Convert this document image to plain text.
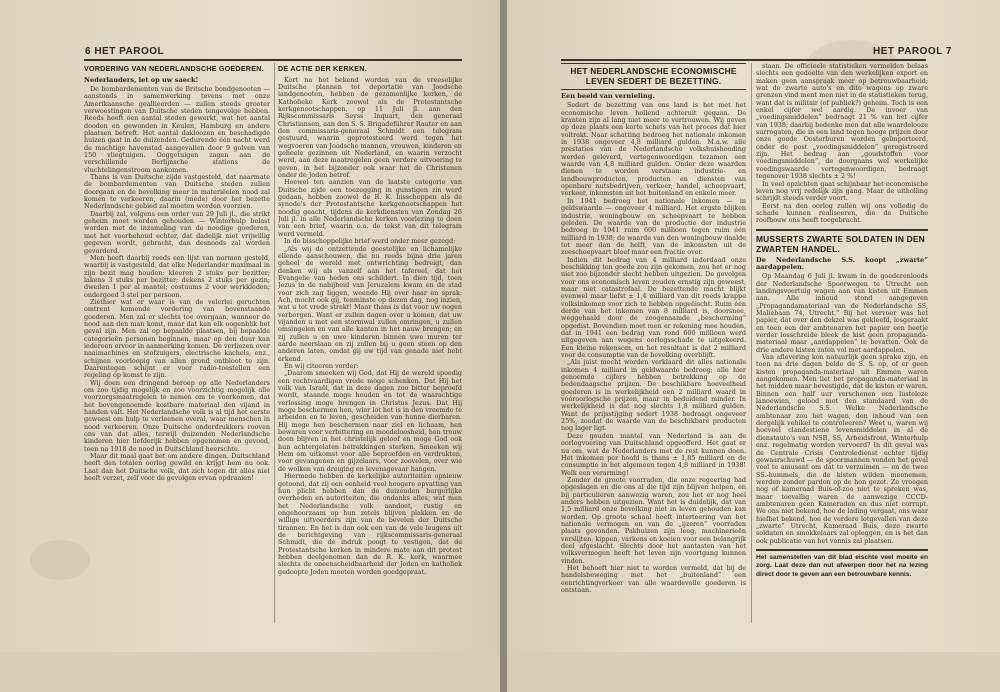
6 HET PAROOL
VORDERING VAN NEDERLANDSCHE GOEDEREN.
Nederlanders, let op uw saeck!

De bombardementen van de Britsche bondgenooten — aanstonds in samenwerking tevens met onze Amerikaansche geallieerden — zullen steeds grooter verwoestingen van Duitsche steden tengevolge hebben. Reeds heeft een aantal steden gewerkt, wat het aantal dooden en gewonden in Keulen, Hamburg en andere plaatsen betreft. Het aantal dakloozen en beschadigde huizen gaat in de duizenden. Gedurende één nacht werd de machtige havenstad aangevallen door 9 golven van 150 vliegtuigen. Ooggetuigen zagen aan de verschillende Berlijnsche stations de vluchtelingenstroom aankomen.

Thans is van Duitsche zijde vastgesteld, dat naarmate de bombardementen van Duitsche steden zullen doorgaan en de bevolking meer in materiëelen nood zal komen te verkeeren, daarin (mede) door het bezette Nederlandsche gebied zal moeten worden voorzien.

Daarbij zal, volgens een order van 29 Juli jl., die strikt geheim moet worden gehouden — Winterhulp belast worden met de inzameling van de noodige goederen, met het voorbehoud echter, dat dadelijk niet vrijwillig gegeven wordt, gebracht, dan desnoods zal worden gevorderd.

Men heeft daarbij reeds een lijst van normen gesteld, waarbij is vastgesteld, dat elke Nederlander maximaal in zijn bezit mag houden: kleeren 2 stuks per bezitter; lakens 3 stuks per bezitter; dekens 2 stuks per gezin; dweilen 1 per al mantel; costuums 2 voor werkkleden; ondergoed 3 stel per persoon.

Ziethier wat er waar is van de velerlei geruchten omtrent komende vordering van bovenstaande goederen. Men zal er slechts toe overgaan, wanneer de nood aan den man komt, maar dat kan elk oogenblik het geval zijn. Men zal op bepaalde plaatsen, bij bepaalde categorieën personen beginnen, maar op den duur kan iedereen ervoor in aanmerking komen. De verliezen over naaimachines en stofzuigers, electrische kachels, enz., schijnen voorloopig van allen grond ontbloot te zijn. Daarentegen schijnt er voor radio-toestellen een regeling op komst te zijn.

Wij doen een dringend beroep op alle Nederlanders om zoo tijdig mogelijk en zoo voorzichtig mogelijk alle voorzorgsmaatregelen te nemen om te voorkomen, dat het bovengenoemde kostbare materiaal den vijand in handen valt. Het Nederlandsche volk is al tijd het eerste geweest om hulp te verleenen overal, waar menschen in nood verkeeren. Onze Duitsche onderdrukkers rooven ons van dat alles, terwijl duizenden Nederlandsche kinderen hier liefderijk hebben opgenomen en gevoed, toen na 1918 de nood in Duitschland heerschte.

Maar dit maal gaat het om andere dingen. Duitschland heeft den totalen oorlog gewild en krijgt hem nu ook. Laat dan het Duitsche volk, dat zich tegen dit alles niet heeft verzet, zelf voor de gevolgen ervan opdraaien!

DE ACTIE DER KERKEN.

Kort na het bekend worden van de vreeselijke Duitsche plannen tot deportatie van Joodsche landgenooten, hebben de gezamenlijke kerken, de Katholieke Kerk zoowel als de Protestantsche kerkgenootschappen, op 11 Juli jl. aan den Rijkscommissaris Seyss Inquart, den generaal Christiansen, aan den S. S. Brigadeführer Rauter en aan den commissaris-generaal Schmidt een telegram gestuurd, waarin geprotesteerd werd tegen het wegvoeren van Joodsche mannen, vrouwen, kinderen en geheele gezinnen uit Nederland, en waarin verzocht werd, aan deze maatregelen geen verdere uitvoering te geven, in het bijzonder ook waar het de Christenen onder de Joden betrof.

Hoewel ten aanzien van de laatste categorie van Duitsche zijde een toezegging in gunstigen zin werd gedaan, hebben zoowel de R. K. bisschoppen als de synode's der Protestantsche kerkgenootschappen het noodig geacht, tijdens de kerkdiensten van Zondag 26 Juli jl. in alle Nederlandsche kerken voorlezing te doen van een brief, waarin o.a. de tekst van dit telegram werd vermeld.

In de bisschoppelijke brief werd onder meer gezegd:

„Als wij de ontzettende geestelijke en lichamelijke ellende aanschouwen, die nu reeds bijna drie jaren geheel de wereld met ontwrichting bedreigt, dan denken wij als vanzelf aan het tafereel, dat het Evangelie van heden ons schildert. In dien tijd, toen Jezus in de nabijheid van Jeruzalem kwam en de stad voor zich zag liggen, weende Hij over haar en sprak: Ach, mocht ook gij, tenminste op dezen dag, nog inzien, wat u tot vrede strekt! Maar thans is dat voor uw oogen verborgen. Want er zullen dagen over u komen, dat uw vijanden u met een stormwal zullen omringen, u zullen omsingelen en van alle kanten in het nauw brengen; en zij zullen u en uwe kinderen binnen uwe muren ter aarde neerslaan en zij zullen bij u geen steen op den anderen laten, omdat gij uw tijd van genade niet hebt erkend.

En wij citeeren verder:

„Daarom smeeken wij God, dat Hij de wereld spoedig een rechtvaardigen vrede moge schenken. Dat Hij het volk van Israël, dat in deze dagen zoo bitter beproefd wordt, staande moge houden en tot de waarachtige verlossing moge brengen in Christus Jezus. Dat Hij moge beschermen hen, wier lot het is in den vreemde te arbeiden en te leven, gescheiden van hunne dierbaren. Hij moge hen beschermen naar ziel en lichaam, hen bewaren voor verbittering en moedeloosheid, hen trouw doen blijven in het christelijk geloof en moge God ook hun achtergelaten betrekkingen sterken. Smeeken wij Hem om uitkomst voor alle beproefden en verdrukten, voor gevangenen en gijzelaars, voor zoovelen, over wie de wolken van dreiging en levensgevaar hangen.

Hiermede hebben de kerkelijke autoriteiten opnieuw getoond, dat zij een eenheid veel hoogere opvatting van hun plicht hebben dan de duizenden burgerlijke overheden en autoriteiten, die ondanks alles, wat men het Nederlandsche volk aandoet, rustig en ongehoorzaam op hun zetels blijven plakken en de willige uitvoerders zijn van de bevelen der Duitsche tirannen. En het is dan ook een van de vele leugens uit de berichtgeving van rijkscommissaris-generaal Schmidt, die de indruk poogt te vestigen, dat de Protestantsche kerken in mindere mate aan dit protest hebben deelgenomen dan de R. K. kerk, waarmee slechts de oneenscheidbaarheid der Joden en katholiek gedoopte Joden moeten worden goedgepraat.

HET PAROOL 7
HET NEDERLANDSCHE ECONOMISCHE LEVEN SEDERT DE BEZETTING.
Een beeld van vernieling.

Sedert de bezetting van ons land is het met het economische leven hollend achteruit gegaan. De kranten zijn al lang niet meer te vertrouwen. Wij geven op deze plaats een korte schets van het proces dat hier voltrekt. Naar schatting bedroeg het nationale inkomen in 1938 ongeveer 4,8 milliard gulden. M.a.w. alle prestaties van de Nederlandsche volkshuishouding werden geleverd, vertegenwoordigen tezamen een waarde van 4,8 milliard gulden. Onder deze waarden dienen te worden verstaan: industrie- en landbouwproducten, producten en diensten van openbare nutsbedrijven, verkeer, handel, scheepvaart, verkeer, inkomsten uit het buitenland en enkele meer.

In 1941 bedroeg het nationale inkomen — in geldswaarde — ongeveer 4 milliard. Het ergste blijken industrie, woningbouw en scheepvaart te hebben geleden. De waarde van de productie der industrie bedroeg in 1941 ruim 600 millioen tegen ruim één milliard in 1938; de waarde van den woningbouw daalde tot meer dan de helft, van de inkomsten uit de zeescheepvaart bleef maar een fractie over.

Indien dit bedrag van 4 milliard inderdaad onze beschikking ten goede zou zijn gekomen, zou het er nog niet zoo bijzonder slecht hebben uitgezien. De gevolgen voor ons economisch leven zouden ernstig zijn geweest, maar niet catastrofaal. De bezettende macht blijkt evenwel maar liefst ± 1,4 milliard van dit reeds krappe volksinkomen voor zich te hebben opgeëischt. Ruim één derde van het inkomen van 8 milliard is, doorsnee, weggehaald door de zoogenaamde „bescherming” opgedist. Bovendien moet men er rekening mee houden, dat in 1941 een bedrag van rond 600 millioen werd uitgegeven aan wegens oorlogsschade te uitgekeerd. Een kleine rekensom, en het resultaat is dat 2 milliard voor de consumptie van de bevolking overblijft.

„Als juist mocht worden verklaard dit alles nationale inkomen 4 milliard in geldwaarde bedroeg; alle hier genoemde cijfers hebben betrekking op de bedendaagsche prijzen. De beschikbare hoeveelheid goederen is in werkelijkheid een 2 milliard waard in vóóroorlogsche prijzen, maar in beduidend minder. In werkelijkheid is dat nog slechts 1,8 milliard gulden. Want de prijsstijging sedert 1938 bedraagt ongeveer 25%, zoodat de waarde van de beschikbare producten nog lager ligt.

Deze gouden mantel van Nederland is aan de oorlogvoering van Duitschland opgeofferd. Het gaat er nu om, wat de Nederlanders met de rest kunnen doen. Het inkomen per hoofd is thans ± 1,85 milliard en de consumptie in het algemeen tegen 4,8 milliard in 1938! Welk een verarming!

Zonder de groote voorraden, die onze regeering had opgeslagen en die ons al die tijd zijn blijven helpen, en bij particulieren aanwezig waren, zou het er nog heel anders hebben uitgezien. Want het is duidelijk, dat van 1,5 milliard onze bevolking niet in leven gehouden kan worden. Op groote schaal heeft interteering van het nationale vermogen en van de „ijzeren” voorraden plaats gevonden. Pakhuizen zijn leeg, machinerieën verslijten, kippen, varkens en koeien voor een belangrijk deel afgeslacht. Slechts door het aantasten van het volksvermogen heeft het leven zijn voortgang kunnen vinden.

Het behoeft hier niet te worden vermeld, dat bij de handelsbeweging met het „buitenland” een eenrichtingverkeer van alle waardevolle goederen is ontstaan.

staan. De officieele statistieken vermelden belaas slechts een gedeelte van den werkelijken export en maken geen aanspraak meer op betrouwbaarheid; wat de zwarte auto's en dito wagens op zware grenzen vind ment men niet in de statistieken terug, want dat is militair (of publiek?) geheim. Toch is een enkel cijfer wel aardig. De invoer van „voedingsmiddelen” bedraagt 21 % van het cijfer van 1938; daarbij bedenke men dat alle waardelooze surrogaten, die in een land tegen hooge prijzen door onze goede Oosterburen worden geïmporteerd, onder de post „voedingsmiddelen” geregistreerd zijn. Het bedrag aan „goudstoffen voor voedingsmiddelen”, de doorgaans wel werkelijke voedingswaarde vertegenwoordigen, bedraagt tegenover 1938 slechts ± 2 %!

In veel opzichten gaat schijnbaar het economische leven nog vrij redelijk zijn gang. Maar de uitholling schrijdt steeds verder voort.

Eerst na den oorlog zullen wij ons volledig de schade kunnen realiseeren, die de Duitsche roofbouw ons heeft toegebracht.

MUSSERTS ZWARTE SOLDATEN IN DEN ZWARTEN HANDEL.
De Nederlandsche S.S. koopt „zwarte” aardappelen.

Op Maandag 6 Juli jl. kwam in de goederenloods der Nederlandsche Spoorwegen te Utrecht een landingsvoertuig wagen aan van kisten uit Emmen aan. Alle inhoud stond aangegeven „Propagandamateriaal van de Nederlandsche SS, Maliebaan 74, Utrecht.” Bij het vervoer was het papier, dat over den dekzel was gekleefd, losgeraakt en toen een der ambtenaren het papier een beetje verder losschreide bleek de kist geen propaganda-materiaal maar „aardappelen” te bevatten. Ook de drie andere kisten zaten vol met aardappelen.

Van aflevering kon natuurlijk geen sprake zijn, en toen na drie dagen belde de S. S. op, of er geen kisten propaganda-materiaal uit Emmen waren aangekomen. Men liet het propaganda-materiaal in het midden maar bevestigde, dat de kisten er waren. Binnen een half uur verschenen een lusteloze lanoewien, gelood met den standaard van de Nederlandsche S.S. Welke Nederlandsche ambtenaar zou het wagen, den inhoud van een dergelijk vehikel te controleeren? Weet u, waren wij hoeveel clandestiene levensmiddelen in al de dienstauto's van NSB, SS, Arbeidsfront, Winterhulp enz. regelmatig worden vervoerd? In dit geval was de Centrale Crisis Controledienst echter tijdig gewaarschuwd — de spoormannen vonden het geval veel te amusant om dat te verzuimen — en de twee SS.-hummels, die de kisten wilden meenemen, werden zonder pardon op de hon gezet. Ze vroegen nog of kameraad Buis-of-zoo niet te spreken was, maar toevallig waren de aanwezige CCCD-ambtenaren geen Kameraden en dus niet corrupt. We ons niet bekend, hoe de lading vergaat, ons waar hiefhet bekend, hoe de verdere lotgevallen van deze „zwarte” Utrecht, Kameraad Buis, deze zwarte soldaten en smokkelaars zal opleggen, en is het dan ook publicatie van het vonnis zal plaatsen.

Het samenstellen van dit blad eischte veel moeite en zorg. Laat deze dan nut afwerpen door het na lezing direct door te geven aan een betrouwbare kennis.
